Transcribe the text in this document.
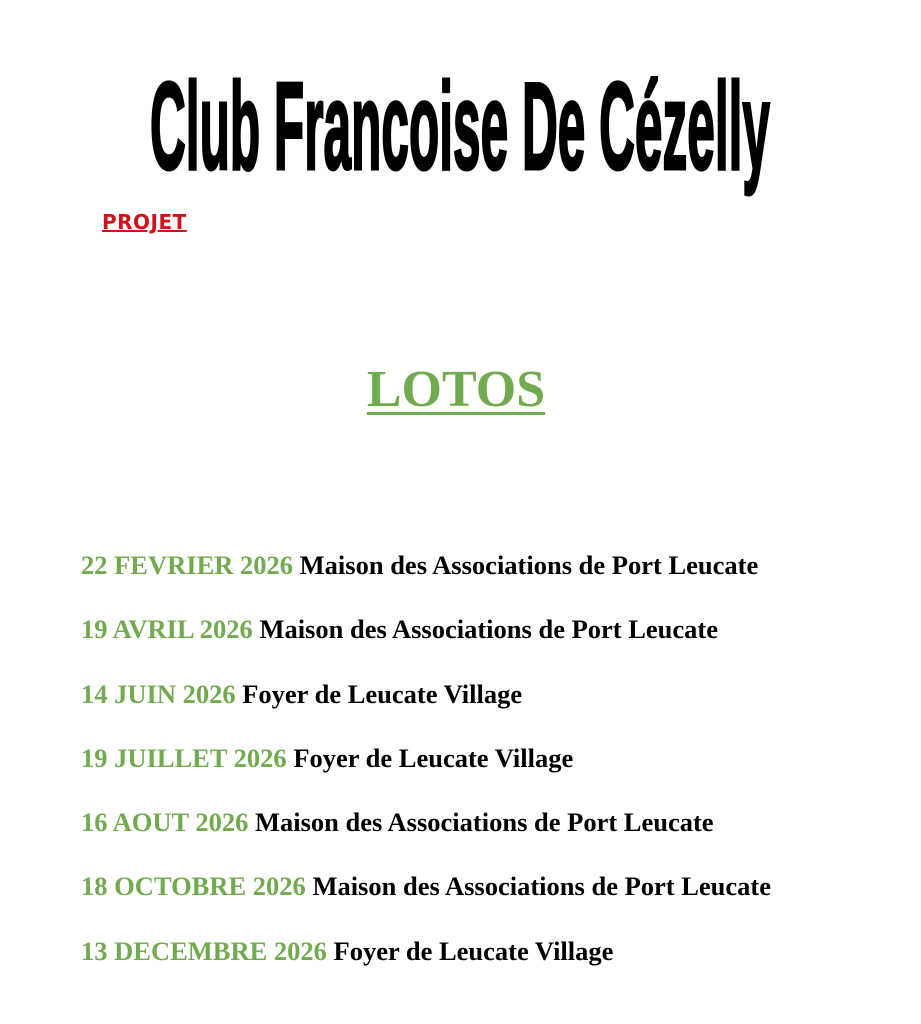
Club Francoise De Cézelly
PROJET
LOTOS
22 FEVRIER 2026 Maison des Associations de Port Leucate
19 AVRIL 2026 Maison des Associations de Port Leucate
14 JUIN 2026 Foyer de Leucate Village
19 JUILLET 2026 Foyer de Leucate Village
16 AOUT 2026 Maison des Associations de Port Leucate
18 OCTOBRE 2026 Maison des Associations de Port Leucate
13 DECEMBRE 2026 Foyer de Leucate Village
